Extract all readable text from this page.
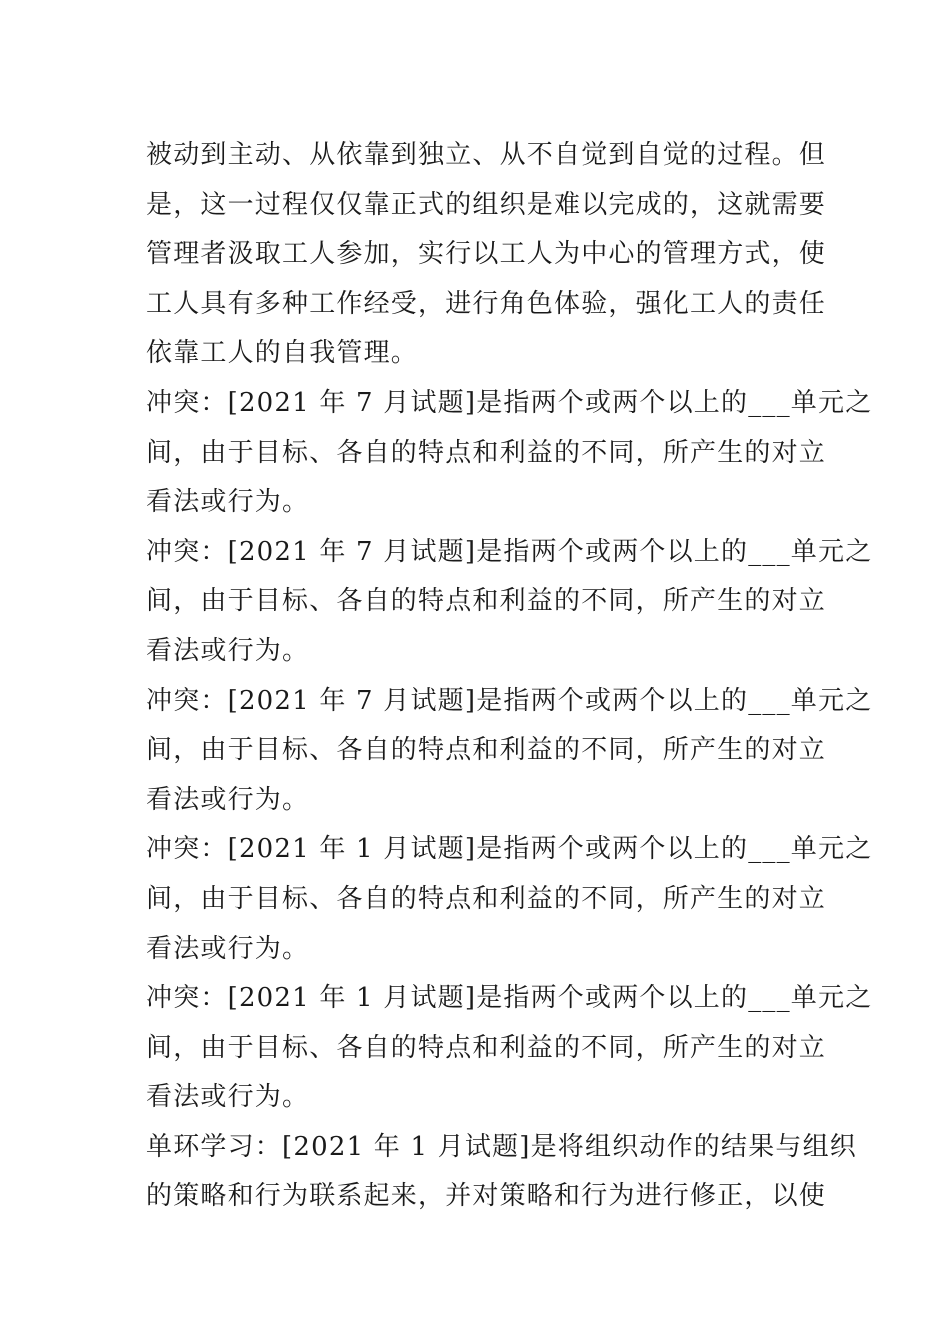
被动到主动、从依靠到独立、从不自觉到自觉的过程。但
是，这一过程仅仅靠正式的组织是难以完成的，这就需要
管理者汲取工人参加，实行以工人为中心的管理方式，使
工人具有多种工作经受，进行角色体验，强化工人的责任
依靠工人的自我管理。
冲突：[2021 年 7 月试题]是指两个或两个以上的___单元之
间，由于目标、各自的特点和利益的不同，所产生的对立
看法或行为。
冲突：[2021 年 7 月试题]是指两个或两个以上的___单元之
间，由于目标、各自的特点和利益的不同，所产生的对立
看法或行为。
冲突：[2021 年 7 月试题]是指两个或两个以上的___单元之
间，由于目标、各自的特点和利益的不同，所产生的对立
看法或行为。
冲突：[2021 年 1 月试题]是指两个或两个以上的___单元之
间，由于目标、各自的特点和利益的不同，所产生的对立
看法或行为。
冲突：[2021 年 1 月试题]是指两个或两个以上的___单元之
间，由于目标、各自的特点和利益的不同，所产生的对立
看法或行为。
单环学习：[2021 年 1 月试题]是将组织动作的结果与组织
的策略和行为联系起来，并对策略和行为进行修正，以使
